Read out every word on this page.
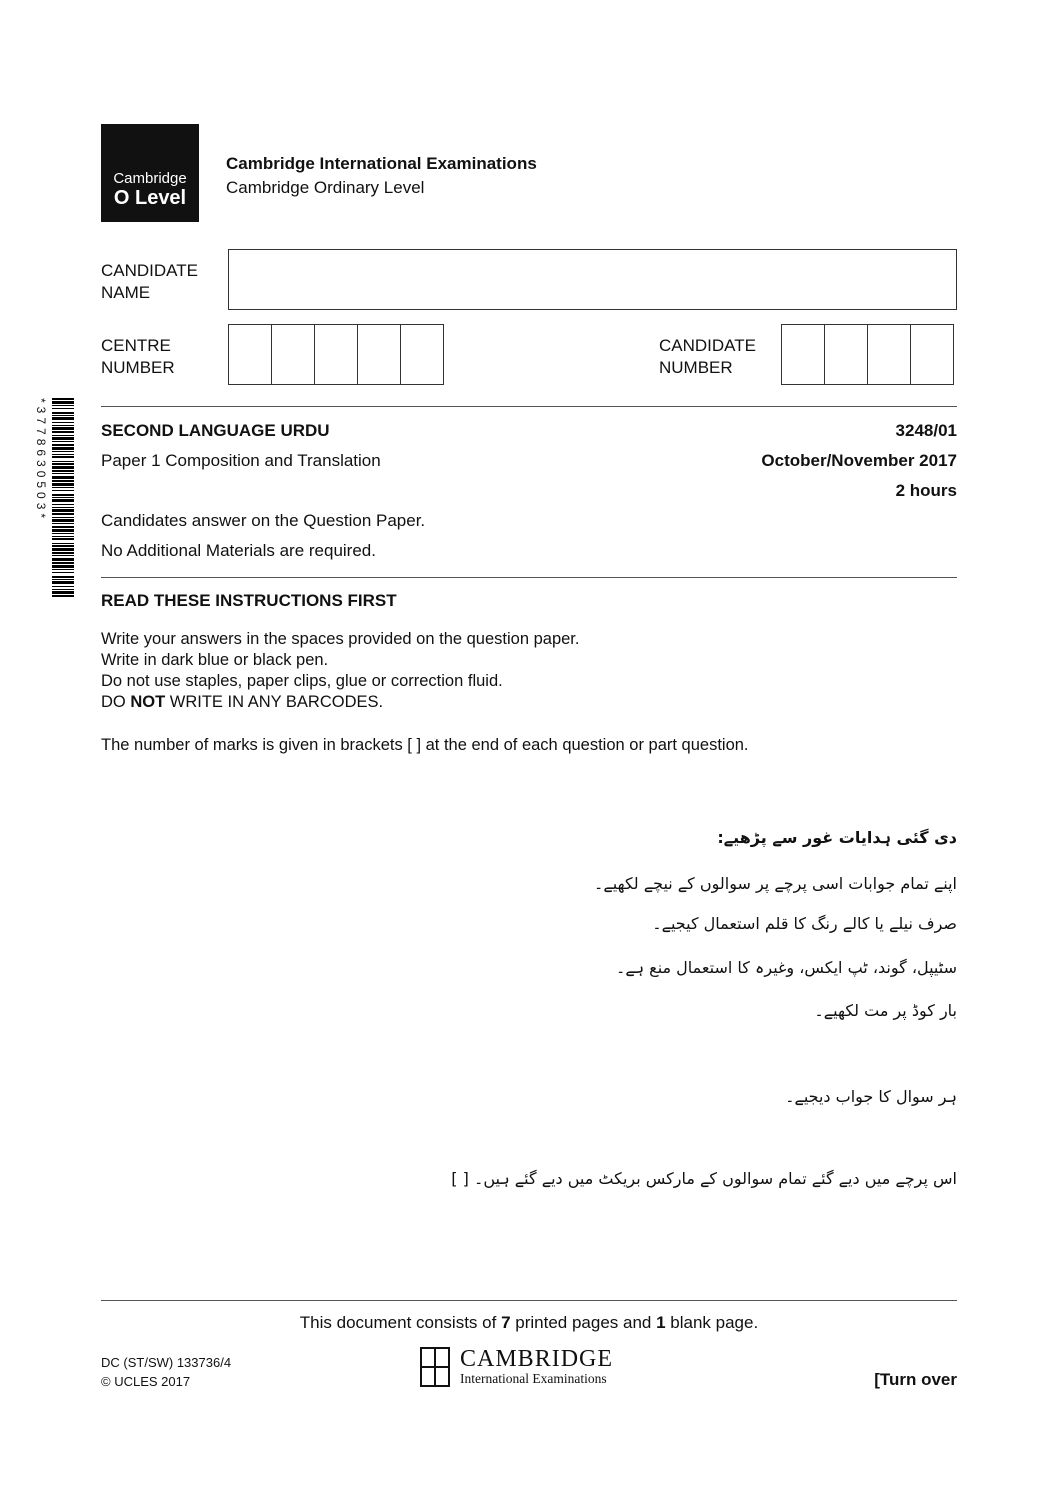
Cambridge
O Level
Cambridge International Examinations
Cambridge Ordinary Level
CANDIDATE
NAME
CENTRE
NUMBER
CANDIDATE
NUMBER
*3778630503*	SECOND LANGUAGE URDU	3248/01
Paper 1 Composition and Translation	October/November 2017
2 hours
Candidates answer on the Question Paper.
No Additional Materials are required.
READ THESE INSTRUCTIONS FIRST
Write your answers in the spaces provided on the question paper.
Write in dark blue or black pen.
Do not use staples, paper clips, glue or correction fluid.
DO NOT WRITE IN ANY BARCODES.
The number of marks is given in brackets [ ] at the end of each question or part question.
دی گئی ہدایات غور سے پڑھیے:
اپنے تمام جوابات اسی پرچے پر سوالوں کے نیچے لکھیے۔
صرف نیلے یا کالے رنگ کا قلم استعمال کیجیے۔
سٹیپل، گوند، ٹپ ایکس، وغیرہ کا استعمال منع ہے۔
بار کوڈ پر مت لکھیے۔
ہر سوال کا جواب دیجیے۔
اس پرچے میں دیے گئے تمام سوالوں کے مارکس بریکٹ میں دیے گئے ہیں۔ [ ]
This document consists of 7 printed pages and 1 blank page.
DC (ST/SW) 133736/4
© UCLES 2017
CAMBRIDGE
International Examinations	[Turn over
